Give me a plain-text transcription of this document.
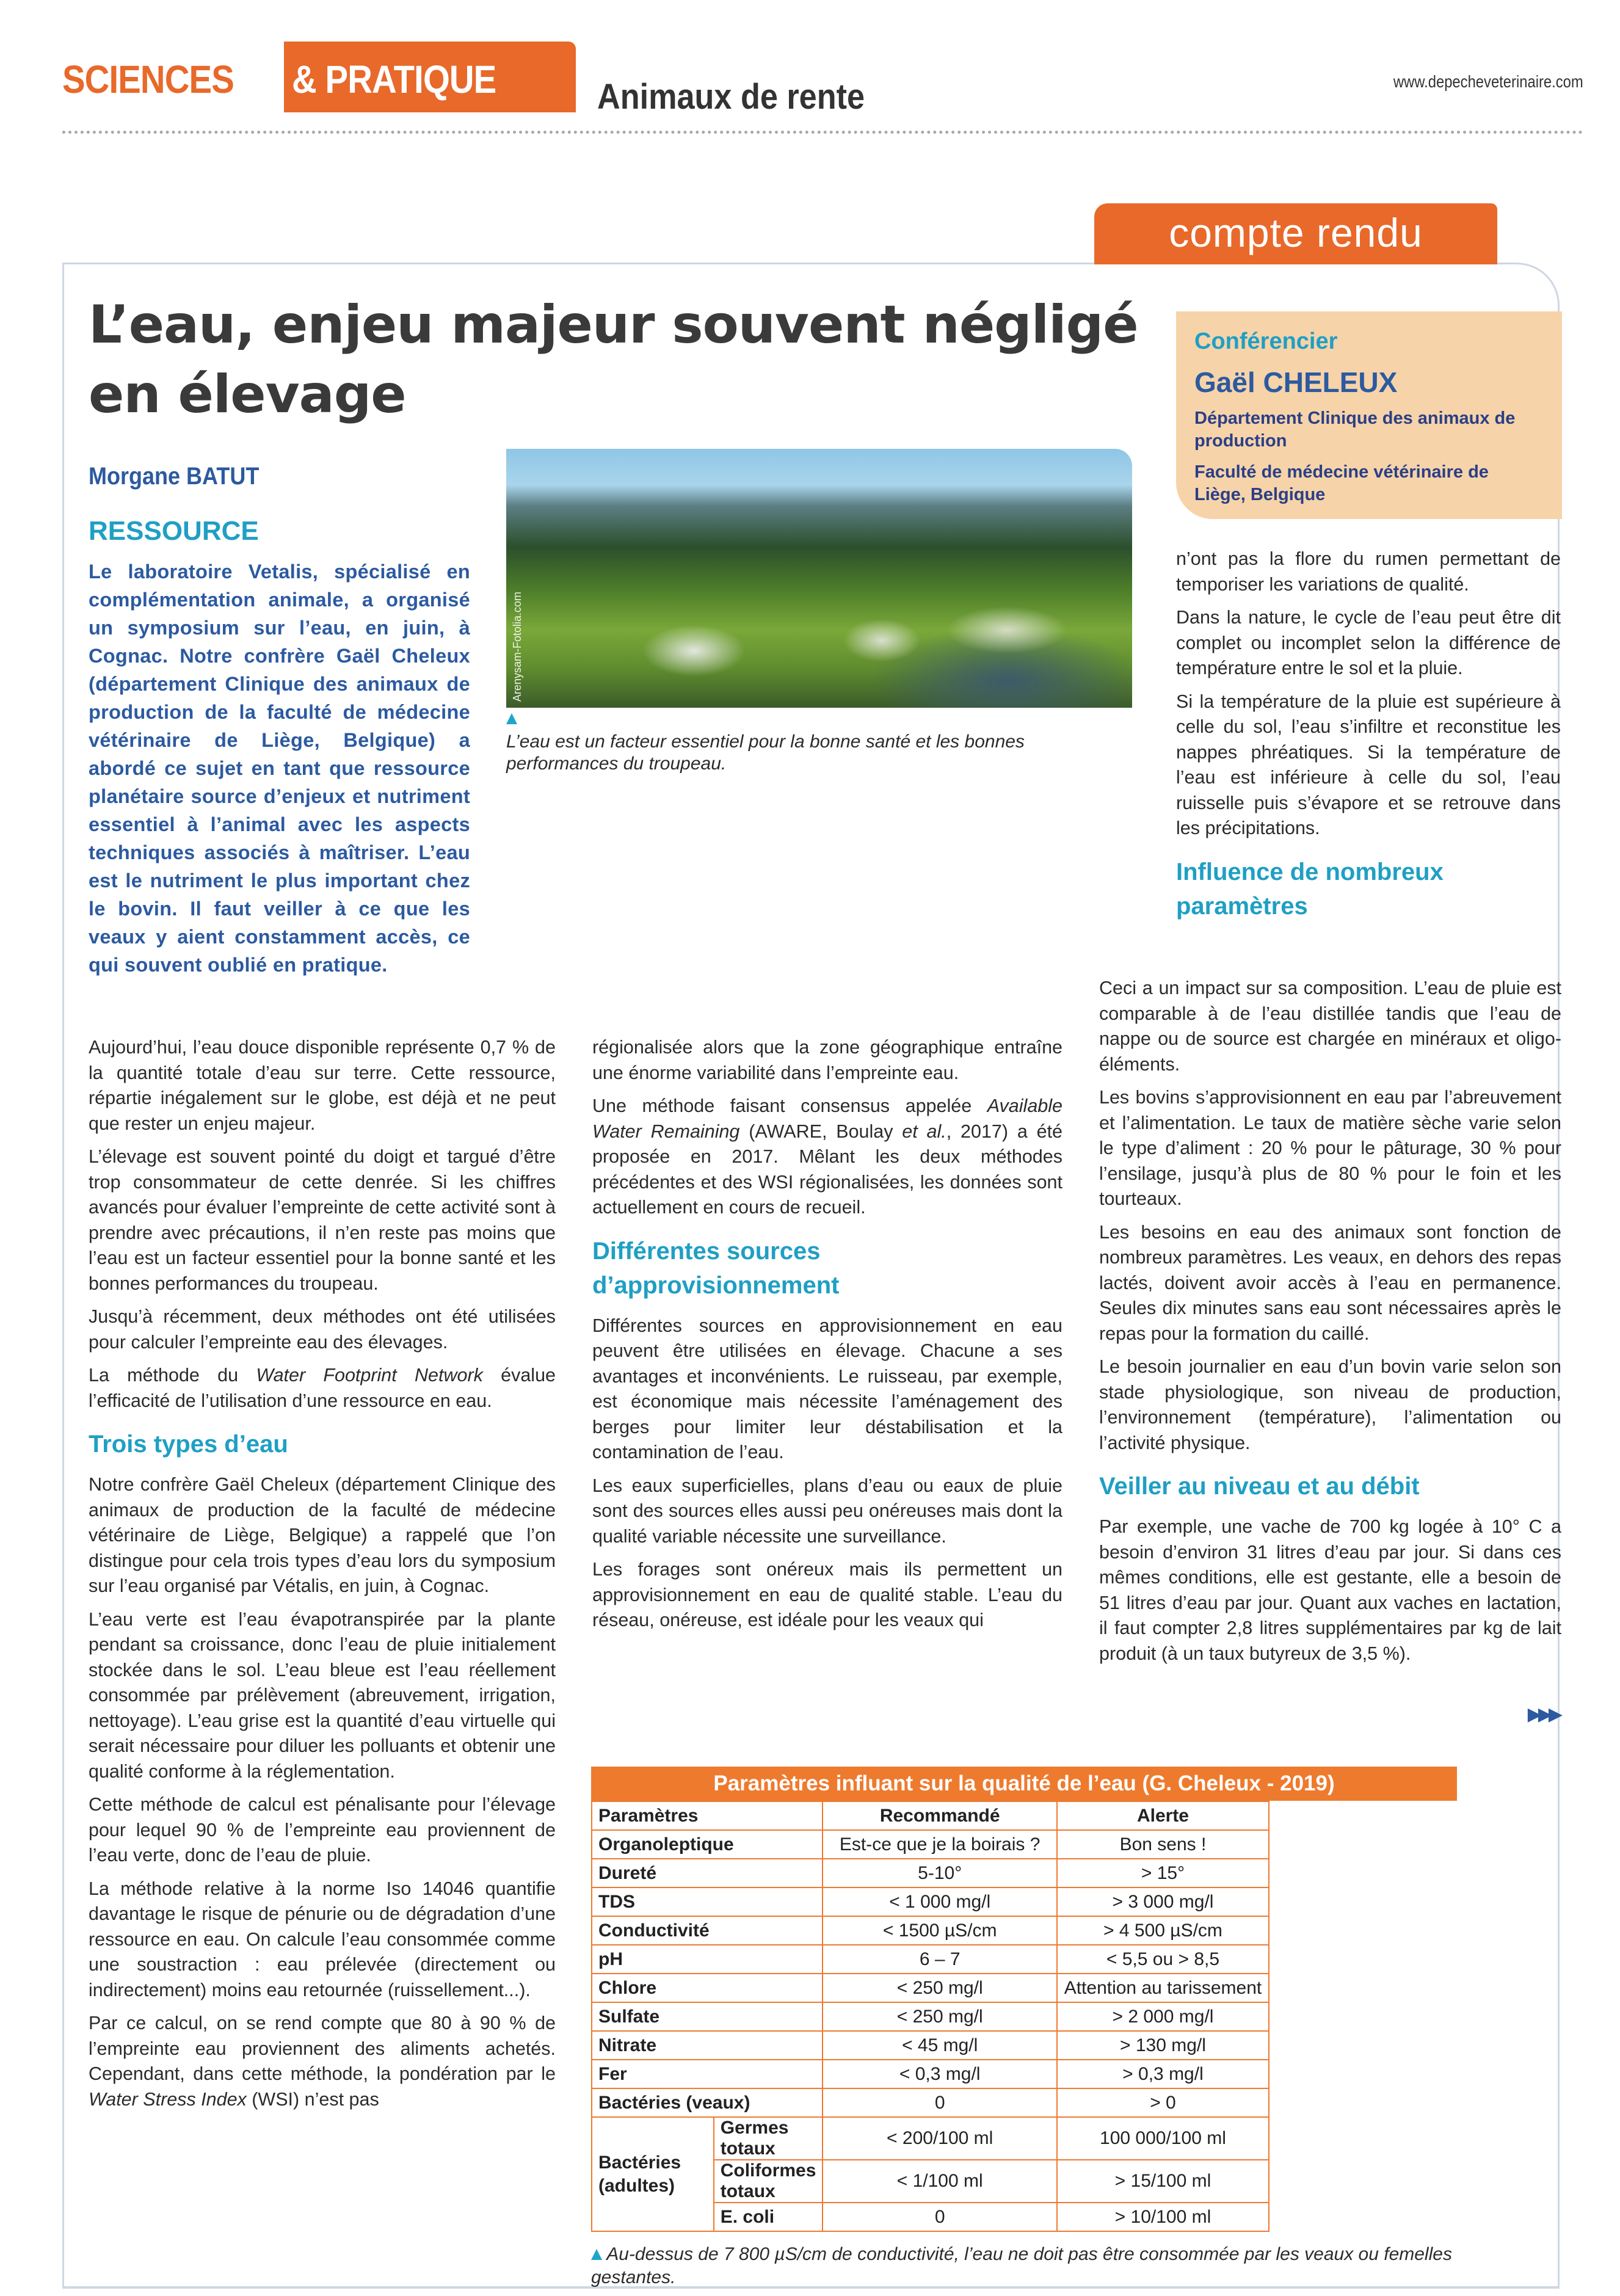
SCIENCES & PRATIQUE	Animaux de rente	www.depecheveterinaire.com
compte rendu
L’eau, enjeu majeur souvent négligé en élevage
Morgane BATUT
Conférencier
Gaël CHELEUX
Département Clinique des animaux de production
Faculté de médecine vétérinaire de Liège, Belgique
RESSOURCE

Le laboratoire Vetalis, spécialisé en complémentation animale, a organisé un symposium sur l’eau, en juin, à Cognac. Notre confrère Gaël Cheleux (département Clinique des animaux de production de la faculté de médecine vétérinaire de Liège, Belgique) a abordé ce sujet en tant que ressource planétaire source d’enjeux et nutriment essentiel à l’animal avec les aspects techniques associés à maîtriser. L’eau est le nutriment le plus important chez le bovin. Il faut veiller à ce que les veaux y aient constamment accès, ce qui souvent oublié en pratique.

Arenysam-Fotolia.com
L’eau est un facteur essentiel pour la bonne santé et les bonnes performances du troupeau.

Aujourd’hui, l’eau douce disponible représente 0,7 % de la quantité totale d’eau sur terre. Cette ressource, répartie inégalement sur le globe, est déjà et ne peut que rester un enjeu majeur.

L’élevage est souvent pointé du doigt et targué d’être trop consommateur de cette denrée. Si les chiffres avancés pour évaluer l’empreinte de cette activité sont à prendre avec précautions, il n’en reste pas moins que l’eau est un facteur essentiel pour la bonne santé et les bonnes performances du troupeau.

Jusqu’à récemment, deux méthodes ont été utilisées pour calculer l’empreinte eau des élevages.

La méthode du Water Footprint Network évalue l’efficacité de l’utilisation d’une ressource en eau.

Trois types d’eau

Notre confrère Gaël Cheleux (département Clinique des animaux de production de la faculté de médecine vétérinaire de Liège, Belgique) a rappelé que l’on distingue pour cela trois types d’eau lors du symposium sur l’eau organisé par Vétalis, en juin, à Cognac.

L’eau verte est l’eau évapotranspirée par la plante pendant sa croissance, donc l’eau de pluie initialement stockée dans le sol. L’eau bleue est l’eau réellement consommée par prélèvement (abreuvement, irrigation, nettoyage). L’eau grise est la quantité d’eau virtuelle qui serait nécessaire pour diluer les polluants et obtenir une qualité conforme à la réglementation.

Cette méthode de calcul est pénalisante pour l’élevage pour lequel 90 % de l’empreinte eau proviennent de l’eau verte, donc de l’eau de pluie.

La méthode relative à la norme Iso 14046 quantifie davantage le risque de pénurie ou de dégradation d’une ressource en eau. On calcule l’eau consommée comme une soustraction : eau prélevée (directement ou indirectement) moins eau retournée (ruissellement...).

Par ce calcul, on se rend compte que 80 à 90 % de l’empreinte eau proviennent des aliments achetés. Cependant, dans cette méthode, la pondération par le Water Stress Index (WSI) n’est pas

régionalisée alors que la zone géographique entraîne une énorme variabilité dans l’empreinte eau.

Une méthode faisant consensus appelée Available Water Remaining (AWARE, Boulay et al., 2017) a été proposée en 2017. Mêlant les deux méthodes précédentes et des WSI régionalisées, les données sont actuellement en cours de recueil.

Différentes sources d’approvisionnement

Différentes sources en approvisionnement en eau peuvent être utilisées en élevage. Chacune a ses avantages et inconvénients. Le ruisseau, par exemple, est économique mais nécessite l’aménagement des berges pour limiter leur déstabilisation et la contamination de l’eau.

Les eaux superficielles, plans d’eau ou eaux de pluie sont des sources elles aussi peu onéreuses mais dont la qualité variable nécessite une surveillance.

Les forages sont onéreux mais ils permettent un approvisionnement en eau de qualité stable. L’eau du réseau, onéreuse, est idéale pour les veaux qui

n’ont pas la flore du rumen permettant de temporiser les variations de qualité.

Dans la nature, le cycle de l’eau peut être dit complet ou incomplet selon la différence de température entre le sol et la pluie.

Si la température de la pluie est supérieure à celle du sol, l’eau s’infiltre et reconstitue les nappes phréatiques. Si la température de l’eau est inférieure à celle du sol, l’eau ruisselle puis s’évapore et se retrouve dans les précipitations.

Influence de nombreux paramètres

Ceci a un impact sur sa composition. L’eau de pluie est comparable à de l’eau distillée tandis que l’eau de nappe ou de source est chargée en minéraux et oligo-éléments.

Les bovins s’approvisionnent en eau par l’abreuvement et l’alimentation. Le taux de matière sèche varie selon le type d’aliment : 20 % pour le pâturage, 30 % pour l’ensilage, jusqu’à plus de 80 % pour le foin et les tourteaux.

Les besoins en eau des animaux sont fonction de nombreux paramètres. Les veaux, en dehors des repas lactés, doivent avoir accès à l’eau en permanence. Seules dix minutes sans eau sont nécessaires après le repas pour la formation du caillé.

Le besoin journalier en eau d’un bovin varie selon son stade physiologique, son niveau de production, l’environnement (température), l’alimentation ou l’activité physique.

Veiller au niveau et au débit

Par exemple, une vache de 700 kg logée à 10° C a besoin d’environ 31 litres d’eau par jour. Si dans ces mêmes conditions, elle est gestante, elle a besoin de 51 litres d’eau par jour. Quant aux vaches en lactation, il faut compter 2,8 litres supplémentaires par kg de lait produit (à un taux butyreux de 3,5 %).

▶▶▶
Paramètres influant sur la qualité de l’eau (G. Cheleux - 2019)
Paramètres		Recommandé	Alerte
Organoleptique		Est-ce que je la boirais ?	Bon sens !
Dureté		5-10°	> 15°
TDS		< 1 000 mg/l	> 3 000 mg/l
Conductivité		< 1500 µS/cm	> 4 500 µS/cm
pH		6 – 7	< 5,5 ou > 8,5
Chlore		< 250 mg/l	Attention au tarissement
Sulfate		< 250 mg/l	> 2 000 mg/l
Nitrate		< 45 mg/l	> 130 mg/l
Fer		< 0,3 mg/l	> 0,3 mg/l
Bactéries (veaux)		0	> 0
Bactéries (adultes)	Germes totaux	< 200/100 ml	100 000/100 ml
	Coliformes totaux	< 1/100 ml	> 15/100 ml
	E. coli	0	> 10/100 ml
Au-dessus de 7 800 µS/cm de conductivité, l’eau ne doit pas être consommée par les veaux ou femelles gestantes.
